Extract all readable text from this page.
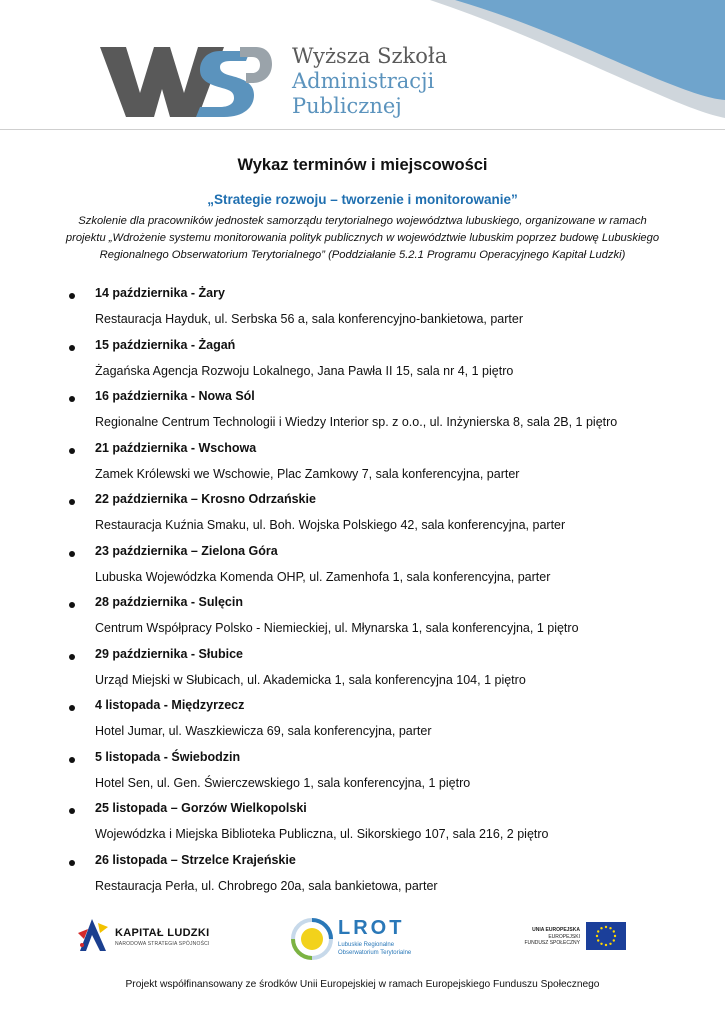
Wyższa Szkoła
Administracji
Publicznej
Wykaz terminów i miejscowości
„Strategie rozwoju – tworzenie i monitorowanie”
Szkolenie dla pracowników jednostek samorządu terytorialnego województwa lubuskiego, organizowane w ramach projektu „Wdrożenie systemu monitorowania polityk publicznych w województwie lubuskim poprzez budowę Lubuskiego Regionalnego Obserwatorium Terytorialnego” (Poddziałanie 5.2.1 Programu Operacyjnego Kapitał Ludzki)
14 października - Żary
Restauracja Hayduk, ul. Serbska 56 a, sala konferencyjno-bankietowa, parter
15 października - Żagań
Żagańska Agencja Rozwoju Lokalnego, Jana Pawła II 15, sala nr 4, 1 piętro
16 października - Nowa Sól
Regionalne Centrum Technologii i Wiedzy Interior sp. z o.o., ul. Inżynierska 8, sala 2B, 1 piętro
21 października - Wschowa
Zamek Królewski we Wschowie, Plac Zamkowy 7, sala konferencyjna, parter
22 października – Krosno Odrzańskie
Restauracja Kuźnia Smaku, ul. Boh. Wojska Polskiego 42, sala konferencyjna, parter
23 października – Zielona Góra
Lubuska Wojewódzka Komenda OHP, ul. Zamenhofa 1, sala konferencyjna, parter
28 października - Sulęcin
Centrum Współpracy Polsko - Niemieckiej, ul. Młynarska 1, sala konferencyjna, 1 piętro
29 października - Słubice
Urząd Miejski w Słubicach, ul. Akademicka 1, sala konferencyjna 104, 1 piętro
4 listopada - Międzyrzecz
Hotel Jumar, ul. Waszkiewicza 69, sala konferencyjna, parter
5 listopada - Świebodzin
Hotel Sen, ul. Gen. Świerczewskiego 1, sala konferencyjna, 1 piętro
25 listopada – Gorzów Wielkopolski
Wojewódzka i Miejska Biblioteka Publiczna, ul. Sikorskiego 107, sala 216, 2 piętro
26 listopada – Strzelce Krajeńskie
Restauracja Perła, ul. Chrobrego 20a, sala bankietowa, parter
KAPITAŁ LUDZKI
NARODOWA STRATEGIA SPÓJNOŚCI
LROT
Lubuskie Regionalne
Obserwatorium Terytorialne
UNIA EUROPEJSKA
EUROPEJSKI
FUNDUSZ SPOŁECZNY
Projekt współfinansowany ze środków Unii Europejskiej w ramach Europejskiego Funduszu Społecznego
